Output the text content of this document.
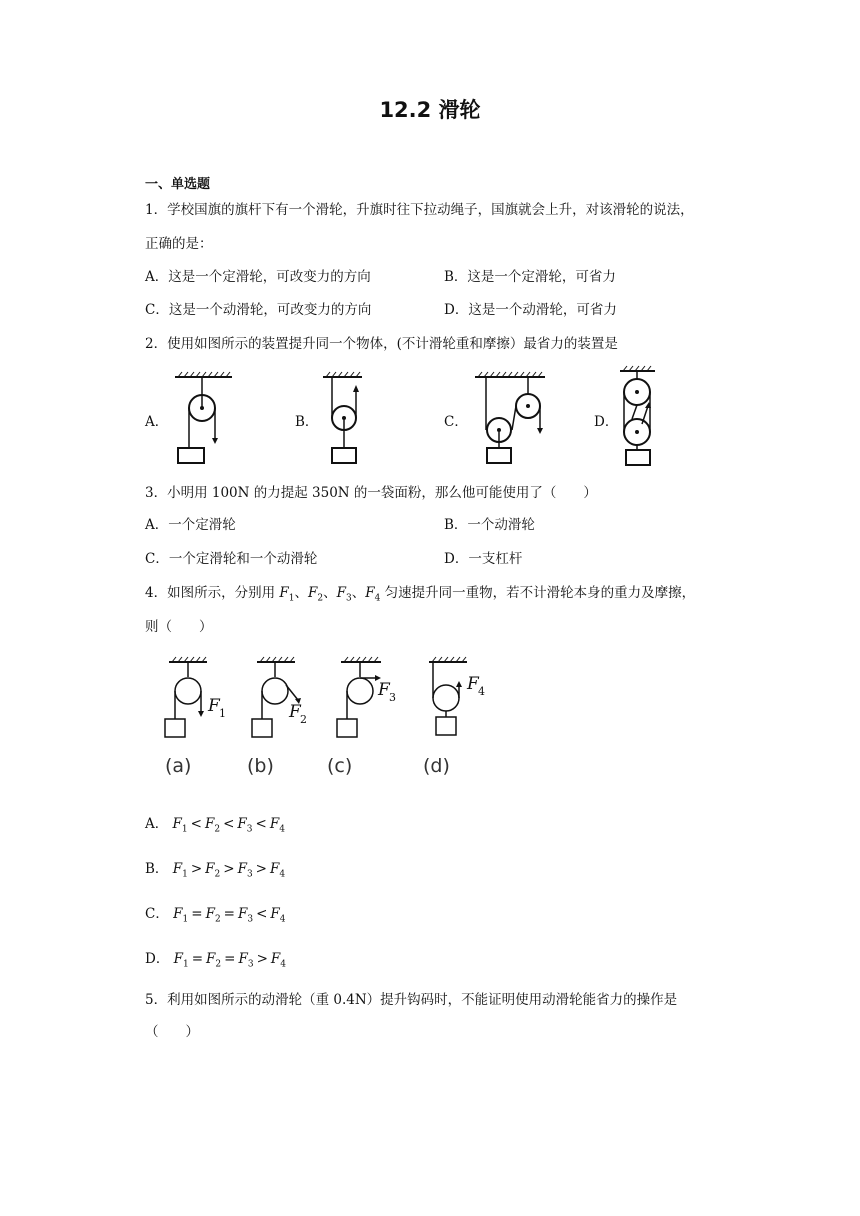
12.2 滑轮
一、单选题
1．学校国旗的旗杆下有一个滑轮，升旗时往下拉动绳子，国旗就会上升，对该滑轮的说法，
正确的是：
A．这是一个定滑轮，可改变力的方向	B．这是一个定滑轮，可省力
C．这是一个动滑轮，可改变力的方向	D．这是一个动滑轮，可省力
2．使用如图所示的装置提升同一个物体，(不计滑轮重和摩擦）最省力的装置是
A．	B．	C．	D．
3．小明用 100N 的力提起 350N 的一袋面粉，那么他可能使用了（　　）
A．一个定滑轮	B．一个动滑轮
C．一个定滑轮和一个动滑轮	D．一支杠杆
4．如图所示，分别用 $F_1$、$F_2$、$F_3$、$F_4$ 匀速提升同一重物，若不计滑轮本身的重力及摩擦，
则（　　）
F 1	F 2
F 3
F 4
(a)	(b)	(c)	(d)
A． $F_1 < F_2 < F_3 < F_4$
B． $F_1 > F_2 > F_3 > F_4$
C． $F_1 = F_2 = F_3 < F_4$
D． $F_1 = F_2 = F_3 > F_4$
5．利用如图所示的动滑轮（重 0.4N）提升钩码时，不能证明使用动滑轮能省力的操作是
（　　）
